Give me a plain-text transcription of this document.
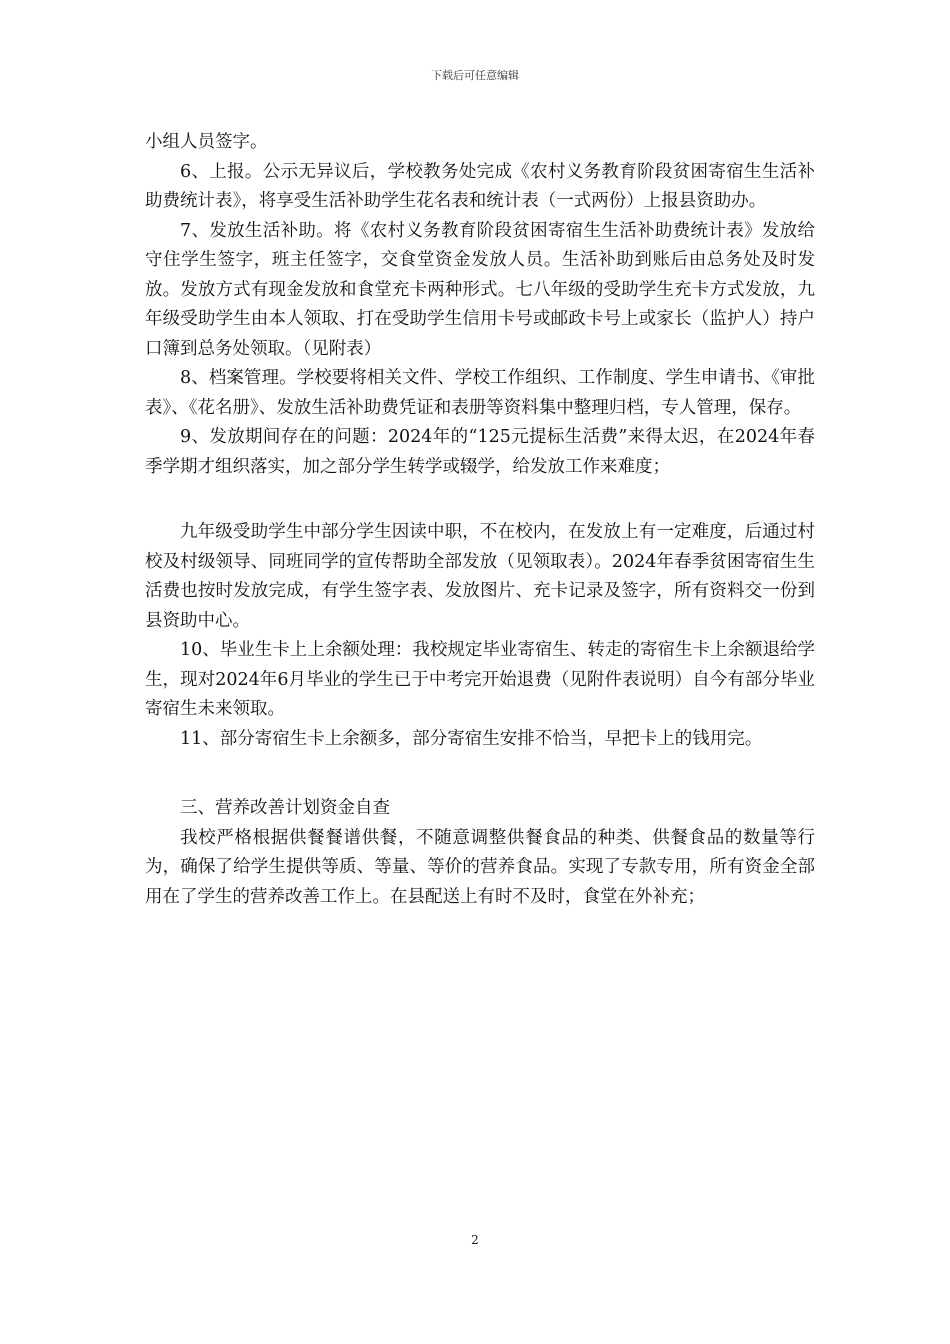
下载后可任意编辑

小组人员签字。

6、上报。公示无异议后，学校教务处完成《农村义务教育阶段贫困寄宿生生活补助费统计表》，将享受生活补助学生花名表和统计表（一式两份）上报县资助办。

7、发放生活补助。将《农村义务教育阶段贫困寄宿生生活补助费统计表》发放给守住学生签字，班主任签字，交食堂资金发放人员。生活补助到账后由总务处及时发放。发放方式有现金发放和食堂充卡两种形式。七八年级的受助学生充卡方式发放，九年级受助学生由本人领取、打在受助学生信用卡号或邮政卡号上或家长（监护人）持户口簿到总务处领取。（见附表）

8、档案管理。学校要将相关文件、学校工作组织、工作制度、学生申请书、《审批表》、《花名册》、发放生活补助费凭证和表册等资料集中整理归档，专人管理，保存。

9、发放期间存在的问题：2024年的“125元提标生活费”来得太迟，在2024年春季学期才组织落实，加之部分学生转学或辍学，给发放工作来难度；

九年级受助学生中部分学生因读中职，不在校内，在发放上有一定难度，后通过村校及村级领导、同班同学的宣传帮助全部发放（见领取表）。2024年春季贫困寄宿生生活费也按时发放完成，有学生签字表、发放图片、充卡记录及签字，所有资料交一份到县资助中心。

10、毕业生卡上上余额处理：我校规定毕业寄宿生、转走的寄宿生卡上余额退给学生，现对2024年6月毕业的学生已于中考完开始退费（见附件表说明）自今有部分毕业寄宿生未来领取。

11、部分寄宿生卡上余额多，部分寄宿生安排不恰当，早把卡上的钱用完。

三、营养改善计划资金自查

我校严格根据供餐餐谱供餐，不随意调整供餐食品的种类、供餐食品的数量等行为，确保了给学生提供等质、等量、等价的营养食品。实现了专款专用，所有资金全部用在了学生的营养改善工作上。在县配送上有时不及时，食堂在外补充；

2
